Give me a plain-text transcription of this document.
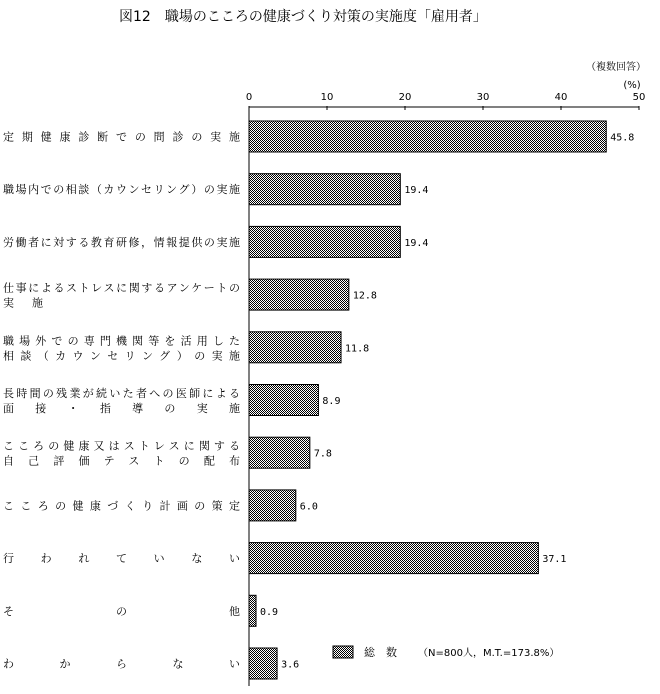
図12　職場のこころの健康づくり対策の実施度「雇用者」
（複数回答）
(%)
0	10	20	30	40	50
定期健康診断での問診の実施
職場内での相談（カウンセリング）の実施
労働者に対する教育研修，情報提供の実施
仕事によるストレスに関するアンケートの
実施
職場外での専門機関等を活用した
相談（カウンセリング）の実施
長時間の残業が続いた者への医師による
面接・指導の実施
こころの健康又はストレスに関する
自己評価テストの配布
こころの健康づくり計画の策定
行われていない
その他
わからない
45.8
19.4
19.4
12.8
11.8
8.9
7.8
6.0
37.1
0.9
3.6
総　数 （N=800人，M.T.=173.8%）
